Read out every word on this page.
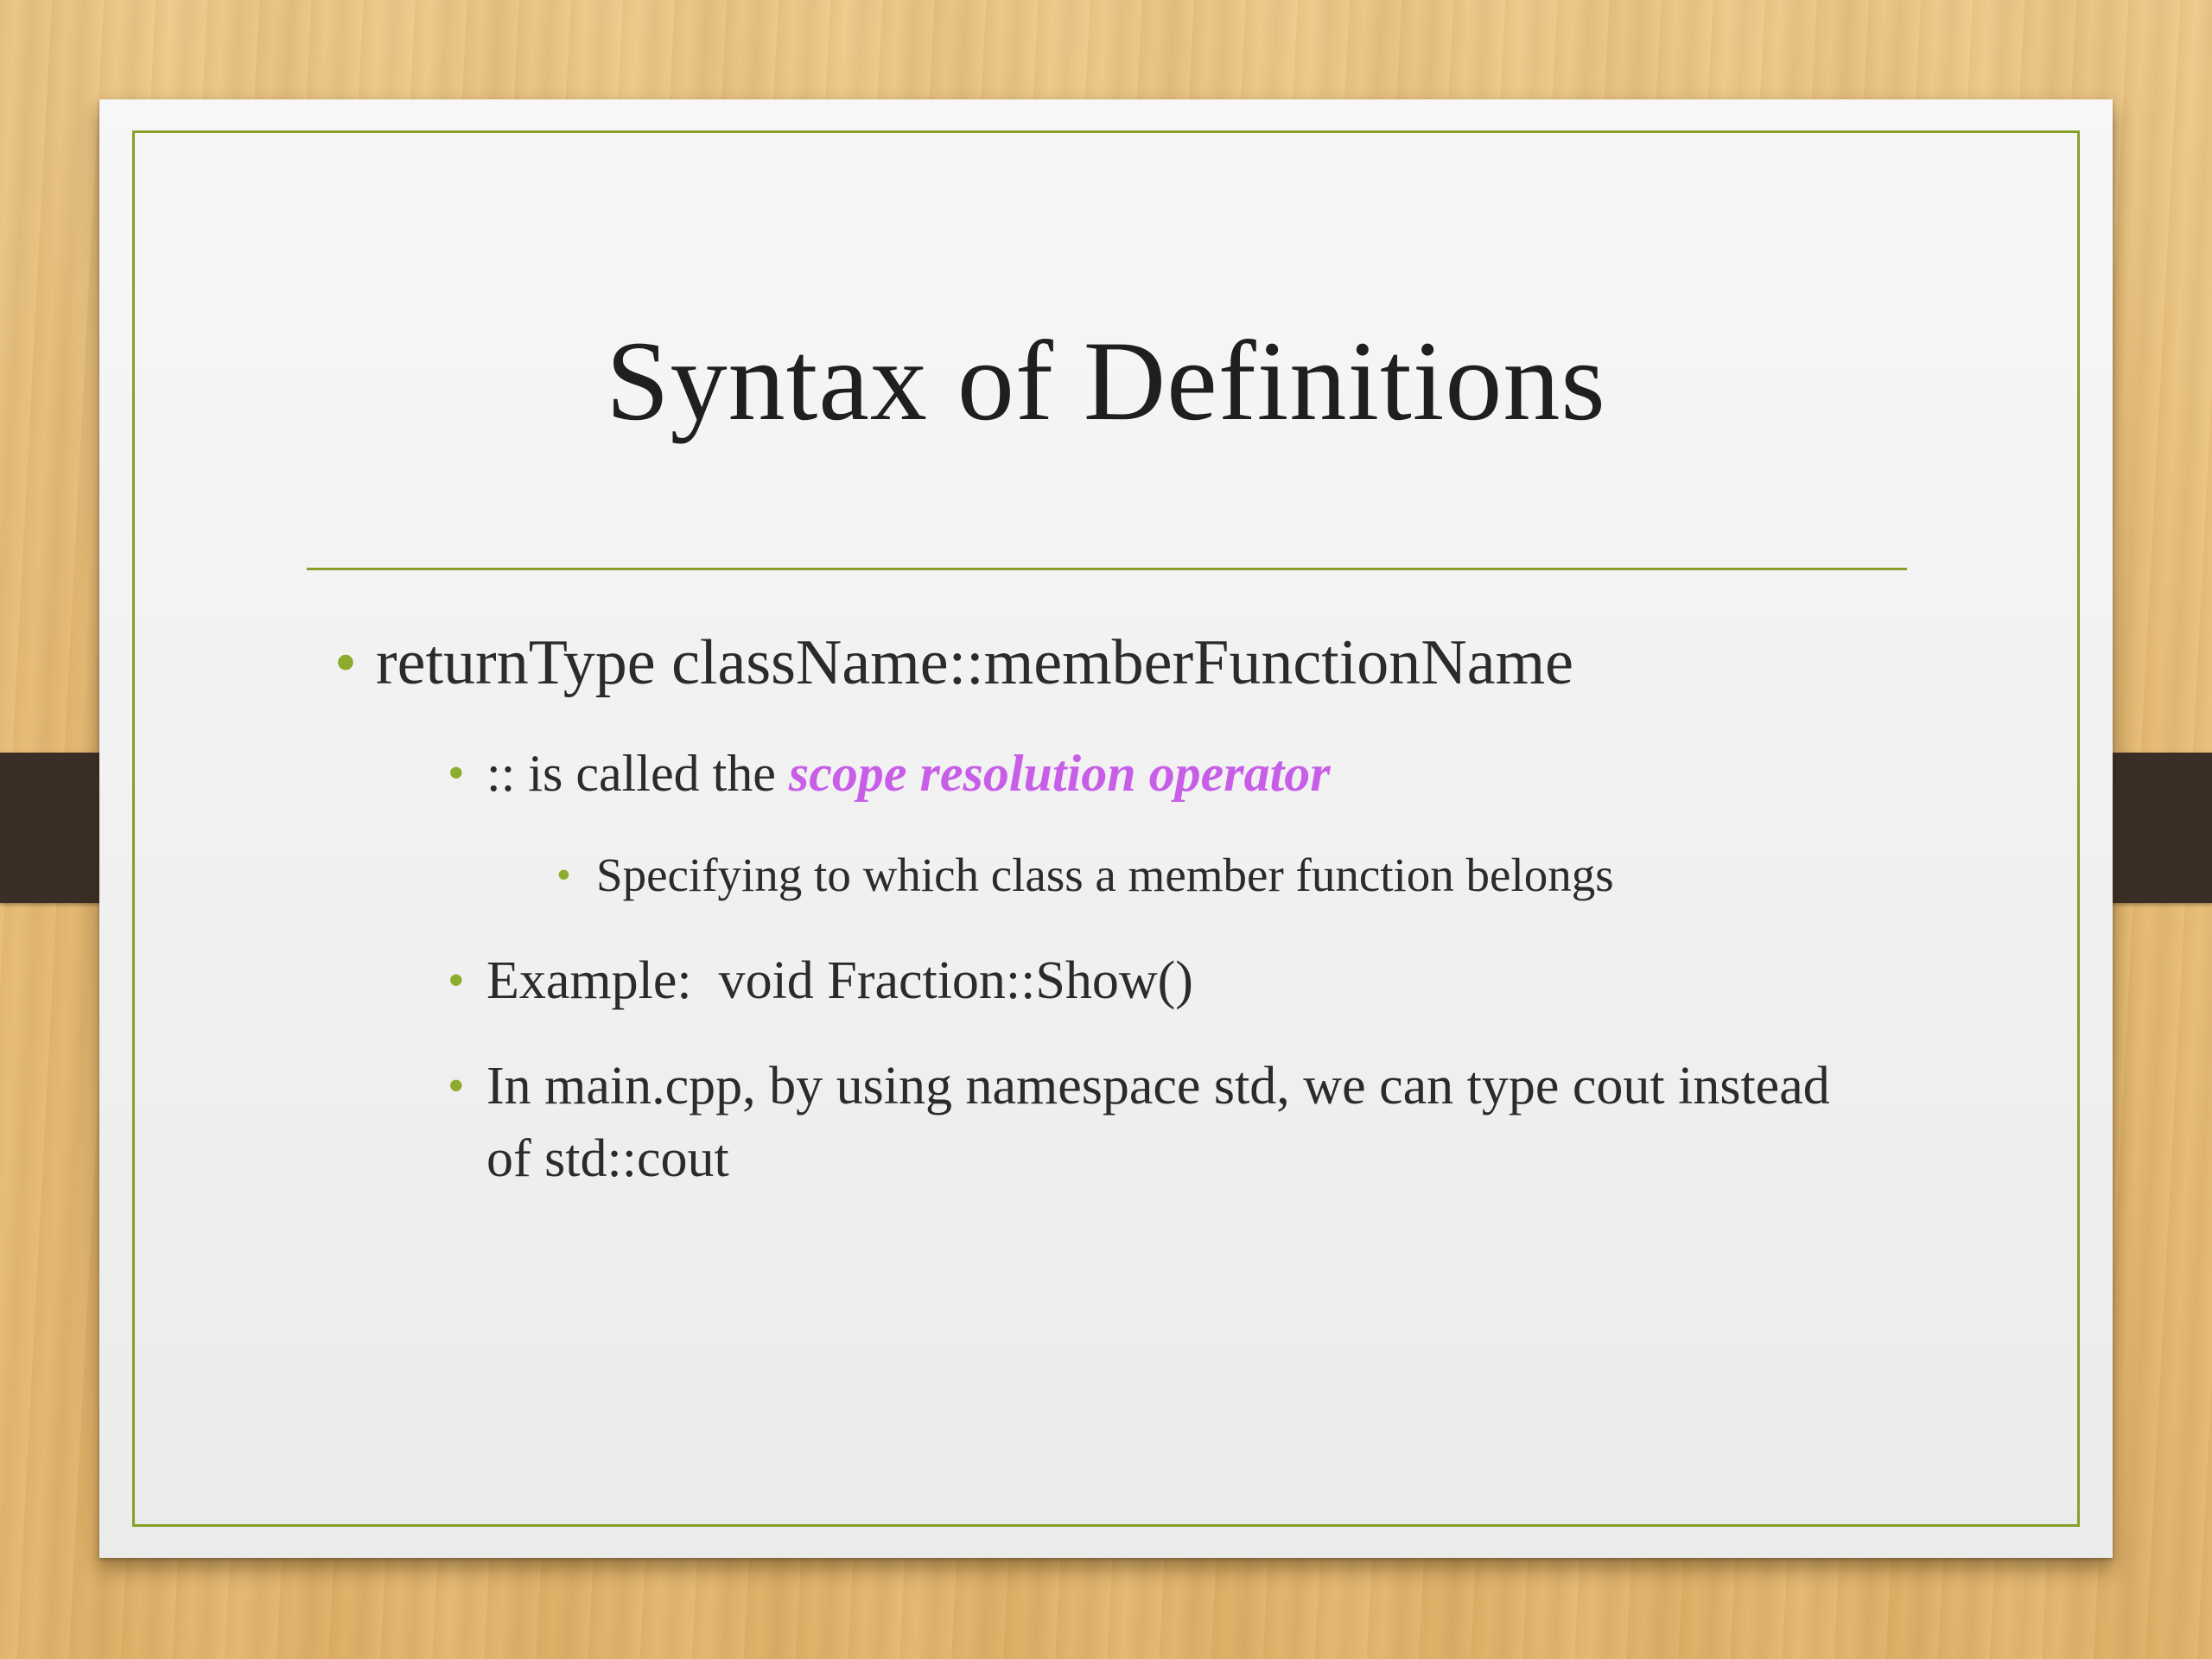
Syntax of Definitions
• returnType className::memberFunctionName
• :: is called the scope resolution operator
• Specifying to which class a member function belongs
• Example:  void Fraction::Show()
• In main.cpp, by using namespace std, we can type cout instead of std::cout
